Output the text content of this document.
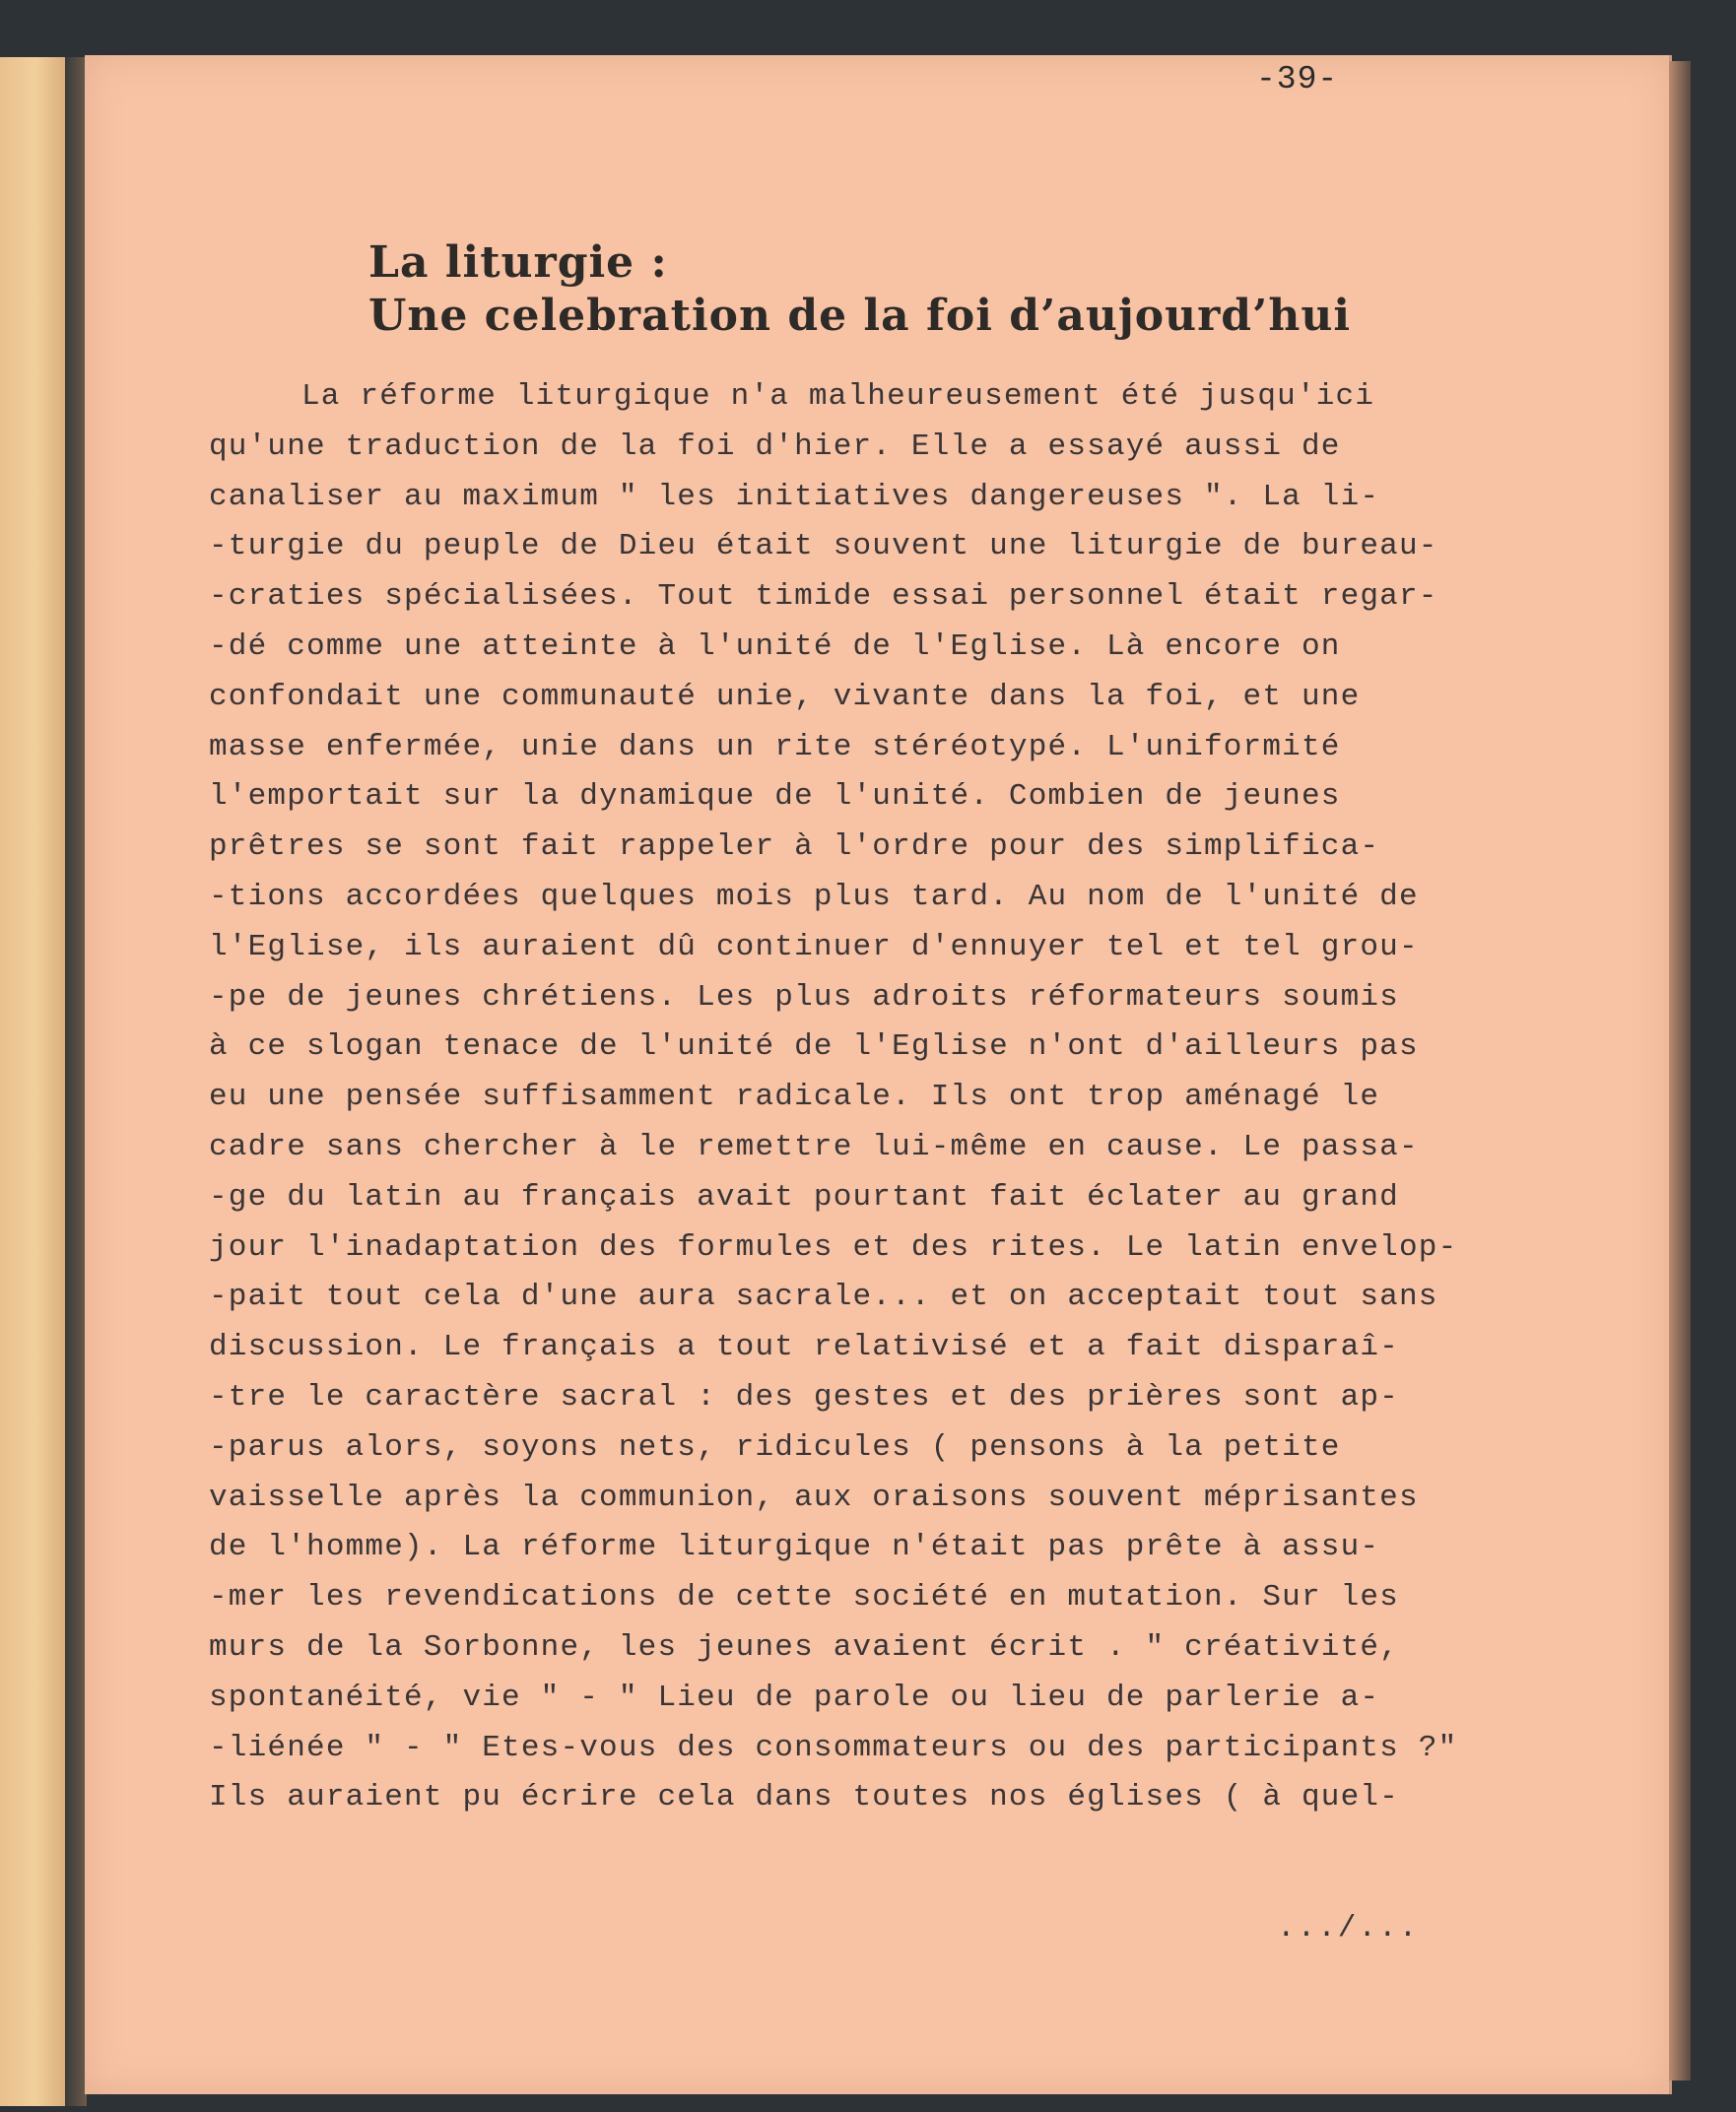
-39-
La liturgie :
Une celebration de la foi d’aujourd’hui
La réforme liturgique n'a malheureusement été jusqu'ici
qu'une traduction de la foi d'hier. Elle a essayé aussi de
canaliser au maximum " les initiatives dangereuses ". La li-
-turgie du peuple de Dieu était souvent une liturgie de bureau-
-craties spécialisées. Tout timide essai personnel était regar-
-dé comme une atteinte à l'unité de l'Eglise. Là encore on
confondait une communauté unie, vivante dans la foi, et une
masse enfermée, unie dans un rite stéréotypé. L'uniformité
l'emportait sur la dynamique de l'unité. Combien de jeunes
prêtres se sont fait rappeler à l'ordre pour des simplifica-
-tions accordées quelques mois plus tard. Au nom de l'unité de
l'Eglise, ils auraient dû continuer d'ennuyer tel et tel grou-
-pe de jeunes chrétiens. Les plus adroits réformateurs soumis
à ce slogan tenace de l'unité de l'Eglise n'ont d'ailleurs pas
eu une pensée suffisamment radicale. Ils ont trop aménagé le
cadre sans chercher à le remettre lui-même en cause. Le passa-
-ge du latin au français avait pourtant fait éclater au grand
jour l'inadaptation des formules et des rites. Le latin envelop-
-pait tout cela d'une aura sacrale... et on acceptait tout sans
discussion. Le français a tout relativisé et a fait disparaî-
-tre le caractère sacral : des gestes et des prières sont ap-
-parus alors, soyons nets, ridicules ( pensons à la petite
vaisselle après la communion, aux oraisons souvent méprisantes
de l'homme). La réforme liturgique n'était pas prête à assu-
-mer les revendications de cette société en mutation. Sur les
murs de la Sorbonne, les jeunes avaient écrit . " créativité,
spontanéité, vie " - " Lieu de parole ou lieu de parlerie a-
-liénée " - " Etes-vous des consommateurs ou des participants ?"
Ils auraient pu écrire cela dans toutes nos églises ( à quel-
.../...
